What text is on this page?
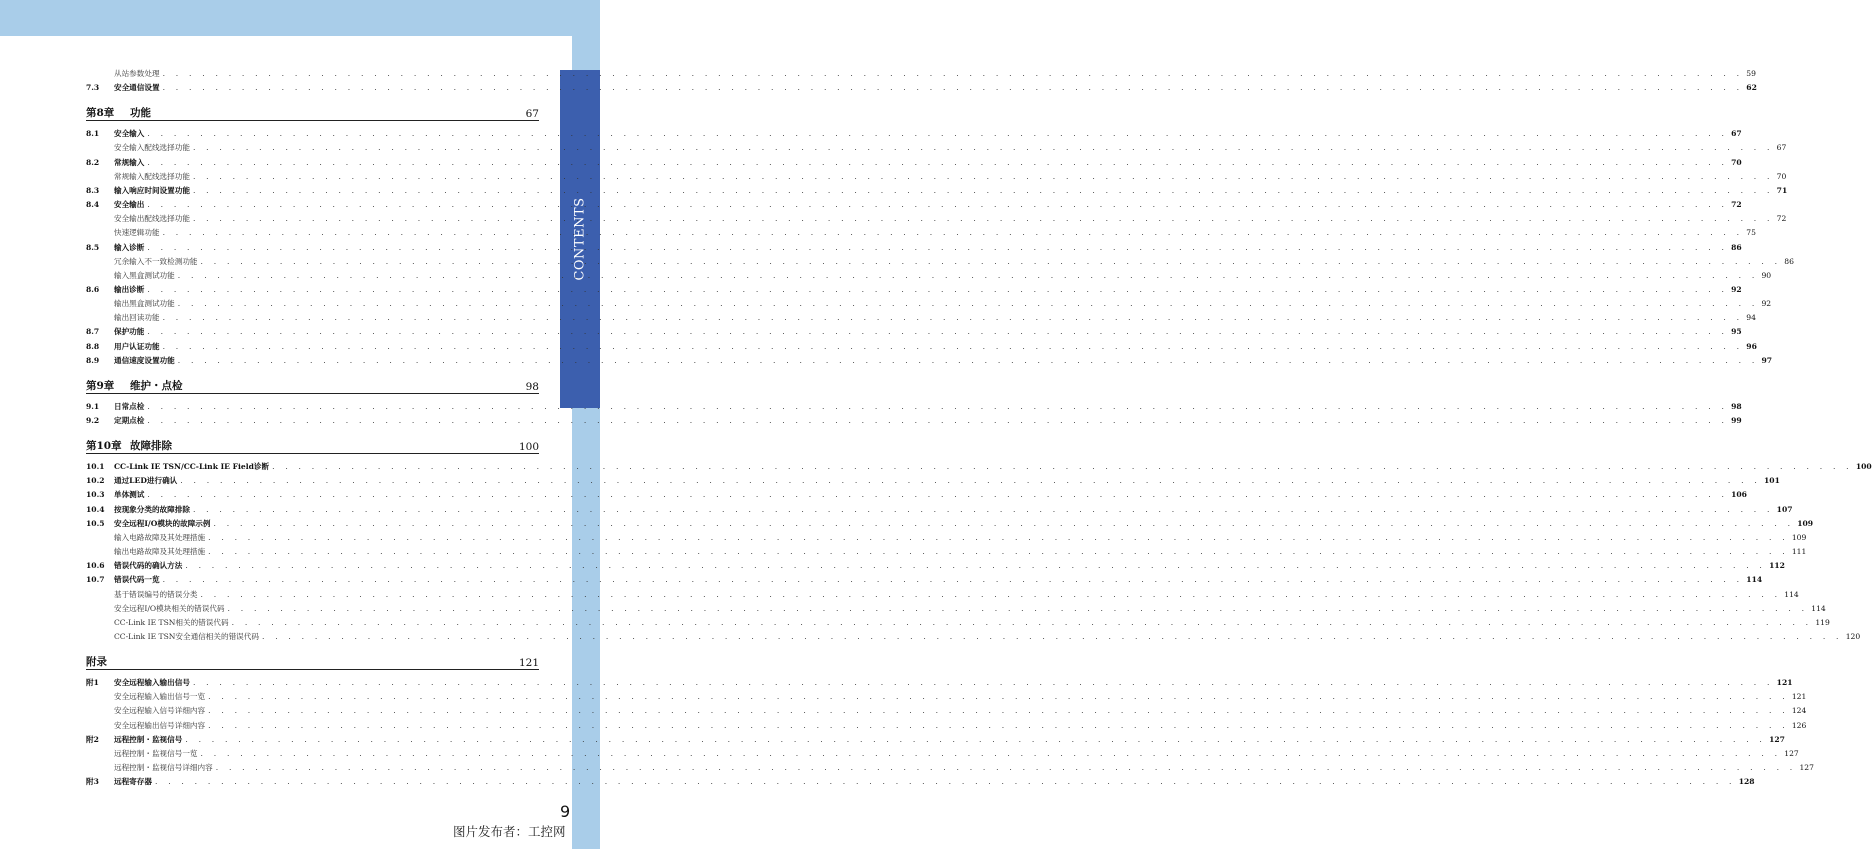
CONTENTS
从站参数处理 . . . . . . . . . . . . . . . . . . . . . . . . . . . . . . . . . . . . . . . . . . . . . . . . . . . . . . . . . . . . . . . . . . . . . . . . . . . . . . . . . . . . . . . . . . . . . . . . . . . . . . . . . . . . . . . . . . . . . . . . 59
7.3	安全通信设置 . . . . . . . . . . . . . . . . . . . . . . . . . . . . . . . . . . . . . . . . . . . . . . . . . . . . . . . . . . . . . . . . . . . . . . . . . . . . . . . . . . . . . . . . . . . . . . . . . . . . . . . . . . . . . . . . . . . . . . . . 62
第8章	功能	67
8.1	安全输入 . . . . . . . . . . . . . . . . . . . . . . . . . . . . . . . . . . . . . . . . . . . . . . . . . . . . . . . . . . . . . . . . . . . . . . . . . . . . . . . . . . . . . . . . . . . . . . . . . . . . . . . . . . . . . . . . . . . . . . . . 67
安全输入配线选择功能 . . . . . . . . . . . . . . . . . . . . . . . . . . . . . . . . . . . . . . . . . . . . . . . . . . . . . . . . . . . . . . . . . . . . . . . . . . . . . . . . . . . . . . . . . . . . . . . . . . . . . . . . . . . . . . . . . . . . . . . . 67
8.2	常规输入 . . . . . . . . . . . . . . . . . . . . . . . . . . . . . . . . . . . . . . . . . . . . . . . . . . . . . . . . . . . . . . . . . . . . . . . . . . . . . . . . . . . . . . . . . . . . . . . . . . . . . . . . . . . . . . . . . . . . . . . . 70
常规输入配线选择功能 . . . . . . . . . . . . . . . . . . . . . . . . . . . . . . . . . . . . . . . . . . . . . . . . . . . . . . . . . . . . . . . . . . . . . . . . . . . . . . . . . . . . . . . . . . . . . . . . . . . . . . . . . . . . . . . . . . . . . . . . 70
8.3	输入响应时间设置功能 . . . . . . . . . . . . . . . . . . . . . . . . . . . . . . . . . . . . . . . . . . . . . . . . . . . . . . . . . . . . . . . . . . . . . . . . . . . . . . . . . . . . . . . . . . . . . . . . . . . . . . . . . . . . . . . . . . . . . . . . 71
8.4	安全输出 . . . . . . . . . . . . . . . . . . . . . . . . . . . . . . . . . . . . . . . . . . . . . . . . . . . . . . . . . . . . . . . . . . . . . . . . . . . . . . . . . . . . . . . . . . . . . . . . . . . . . . . . . . . . . . . . . . . . . . . . 72
安全输出配线选择功能 . . . . . . . . . . . . . . . . . . . . . . . . . . . . . . . . . . . . . . . . . . . . . . . . . . . . . . . . . . . . . . . . . . . . . . . . . . . . . . . . . . . . . . . . . . . . . . . . . . . . . . . . . . . . . . . . . . . . . . . . 72
快速逻辑功能 . . . . . . . . . . . . . . . . . . . . . . . . . . . . . . . . . . . . . . . . . . . . . . . . . . . . . . . . . . . . . . . . . . . . . . . . . . . . . . . . . . . . . . . . . . . . . . . . . . . . . . . . . . . . . . . . . . . . . . . . 75
8.5	输入诊断 . . . . . . . . . . . . . . . . . . . . . . . . . . . . . . . . . . . . . . . . . . . . . . . . . . . . . . . . . . . . . . . . . . . . . . . . . . . . . . . . . . . . . . . . . . . . . . . . . . . . . . . . . . . . . . . . . . . . . . . . 86
冗余输入不一致检测功能 . . . . . . . . . . . . . . . . . . . . . . . . . . . . . . . . . . . . . . . . . . . . . . . . . . . . . . . . . . . . . . . . . . . . . . . . . . . . . . . . . . . . . . . . . . . . . . . . . . . . . . . . . . . . . . . . . . . . . . . . 86
输入黑盒测试功能 . . . . . . . . . . . . . . . . . . . . . . . . . . . . . . . . . . . . . . . . . . . . . . . . . . . . . . . . . . . . . . . . . . . . . . . . . . . . . . . . . . . . . . . . . . . . . . . . . . . . . . . . . . . . . . . . . . . . . . . . 90
8.6	输出诊断 . . . . . . . . . . . . . . . . . . . . . . . . . . . . . . . . . . . . . . . . . . . . . . . . . . . . . . . . . . . . . . . . . . . . . . . . . . . . . . . . . . . . . . . . . . . . . . . . . . . . . . . . . . . . . . . . . . . . . . . . 92
输出黑盒测试功能 . . . . . . . . . . . . . . . . . . . . . . . . . . . . . . . . . . . . . . . . . . . . . . . . . . . . . . . . . . . . . . . . . . . . . . . . . . . . . . . . . . . . . . . . . . . . . . . . . . . . . . . . . . . . . . . . . . . . . . . . 92
输出回读功能 . . . . . . . . . . . . . . . . . . . . . . . . . . . . . . . . . . . . . . . . . . . . . . . . . . . . . . . . . . . . . . . . . . . . . . . . . . . . . . . . . . . . . . . . . . . . . . . . . . . . . . . . . . . . . . . . . . . . . . . . 94
8.7	保护功能 . . . . . . . . . . . . . . . . . . . . . . . . . . . . . . . . . . . . . . . . . . . . . . . . . . . . . . . . . . . . . . . . . . . . . . . . . . . . . . . . . . . . . . . . . . . . . . . . . . . . . . . . . . . . . . . . . . . . . . . . 95
8.8	用户认证功能 . . . . . . . . . . . . . . . . . . . . . . . . . . . . . . . . . . . . . . . . . . . . . . . . . . . . . . . . . . . . . . . . . . . . . . . . . . . . . . . . . . . . . . . . . . . . . . . . . . . . . . . . . . . . . . . . . . . . . . . . 96
8.9	通信速度设置功能 . . . . . . . . . . . . . . . . . . . . . . . . . . . . . . . . . . . . . . . . . . . . . . . . . . . . . . . . . . . . . . . . . . . . . . . . . . . . . . . . . . . . . . . . . . . . . . . . . . . . . . . . . . . . . . . . . . . . . . . . 97
第9章	维护・点检	98
9.1	日常点检 . . . . . . . . . . . . . . . . . . . . . . . . . . . . . . . . . . . . . . . . . . . . . . . . . . . . . . . . . . . . . . . . . . . . . . . . . . . . . . . . . . . . . . . . . . . . . . . . . . . . . . . . . . . . . . . . . . . . . . . . 98
9.2	定期点检 . . . . . . . . . . . . . . . . . . . . . . . . . . . . . . . . . . . . . . . . . . . . . . . . . . . . . . . . . . . . . . . . . . . . . . . . . . . . . . . . . . . . . . . . . . . . . . . . . . . . . . . . . . . . . . . . . . . . . . . . 99
第10章 故障排除	100
10.1	CC-Link IE TSN/CC-Link IE Field诊断 . . . . . . . . . . . . . . . . . . . . . . . . . . . . . . . . . . . . . . . . . . . . . . . . . . . . . . . . . . . . . . . . . . . . . . . . . . . . . . . . . . . . . . . . . . . . . . . . . . . . . . . . . . . . . . . . . . . . . . . . 100
10.2	通过LED进行确认 . . . . . . . . . . . . . . . . . . . . . . . . . . . . . . . . . . . . . . . . . . . . . . . . . . . . . . . . . . . . . . . . . . . . . . . . . . . . . . . . . . . . . . . . . . . . . . . . . . . . . . . . . . . . . . . . . . . . . . . . 101
10.3	单体测试 . . . . . . . . . . . . . . . . . . . . . . . . . . . . . . . . . . . . . . . . . . . . . . . . . . . . . . . . . . . . . . . . . . . . . . . . . . . . . . . . . . . . . . . . . . . . . . . . . . . . . . . . . . . . . . . . . . . . . . . . 106
10.4	按现象分类的故障排除 . . . . . . . . . . . . . . . . . . . . . . . . . . . . . . . . . . . . . . . . . . . . . . . . . . . . . . . . . . . . . . . . . . . . . . . . . . . . . . . . . . . . . . . . . . . . . . . . . . . . . . . . . . . . . . . . . . . . . . . . 107
10.5	安全远程I/O模块的故障示例 . . . . . . . . . . . . . . . . . . . . . . . . . . . . . . . . . . . . . . . . . . . . . . . . . . . . . . . . . . . . . . . . . . . . . . . . . . . . . . . . . . . . . . . . . . . . . . . . . . . . . . . . . . . . . . . . . . . . . . . . 109
输入电路故障及其处理措施 . . . . . . . . . . . . . . . . . . . . . . . . . . . . . . . . . . . . . . . . . . . . . . . . . . . . . . . . . . . . . . . . . . . . . . . . . . . . . . . . . . . . . . . . . . . . . . . . . . . . . . . . . . . . . . . . . . . . . . . . 109
输出电路故障及其处理措施 . . . . . . . . . . . . . . . . . . . . . . . . . . . . . . . . . . . . . . . . . . . . . . . . . . . . . . . . . . . . . . . . . . . . . . . . . . . . . . . . . . . . . . . . . . . . . . . . . . . . . . . . . . . . . . . . . . . . . . . . 111
10.6	错误代码的确认方法 . . . . . . . . . . . . . . . . . . . . . . . . . . . . . . . . . . . . . . . . . . . . . . . . . . . . . . . . . . . . . . . . . . . . . . . . . . . . . . . . . . . . . . . . . . . . . . . . . . . . . . . . . . . . . . . . . . . . . . . . 112
10.7	错误代码一览 . . . . . . . . . . . . . . . . . . . . . . . . . . . . . . . . . . . . . . . . . . . . . . . . . . . . . . . . . . . . . . . . . . . . . . . . . . . . . . . . . . . . . . . . . . . . . . . . . . . . . . . . . . . . . . . . . . . . . . . . 114
基于错误编号的错误分类 . . . . . . . . . . . . . . . . . . . . . . . . . . . . . . . . . . . . . . . . . . . . . . . . . . . . . . . . . . . . . . . . . . . . . . . . . . . . . . . . . . . . . . . . . . . . . . . . . . . . . . . . . . . . . . . . . . . . . . . . 114
安全远程I/O模块相关的错误代码 . . . . . . . . . . . . . . . . . . . . . . . . . . . . . . . . . . . . . . . . . . . . . . . . . . . . . . . . . . . . . . . . . . . . . . . . . . . . . . . . . . . . . . . . . . . . . . . . . . . . . . . . . . . . . . . . . . . . . . . . 114
CC-Link IE TSN相关的错误代码 . . . . . . . . . . . . . . . . . . . . . . . . . . . . . . . . . . . . . . . . . . . . . . . . . . . . . . . . . . . . . . . . . . . . . . . . . . . . . . . . . . . . . . . . . . . . . . . . . . . . . . . . . . . . . . . . . . . . . . . . 119
CC-Link IE TSN安全通信相关的错误代码 . . . . . . . . . . . . . . . . . . . . . . . . . . . . . . . . . . . . . . . . . . . . . . . . . . . . . . . . . . . . . . . . . . . . . . . . . . . . . . . . . . . . . . . . . . . . . . . . . . . . . . . . . . . . . . . . . . . . . . . . 120
附录	121
附1	安全远程输入输出信号 . . . . . . . . . . . . . . . . . . . . . . . . . . . . . . . . . . . . . . . . . . . . . . . . . . . . . . . . . . . . . . . . . . . . . . . . . . . . . . . . . . . . . . . . . . . . . . . . . . . . . . . . . . . . . . . . . . . . . . . . 121
安全远程输入输出信号一览 . . . . . . . . . . . . . . . . . . . . . . . . . . . . . . . . . . . . . . . . . . . . . . . . . . . . . . . . . . . . . . . . . . . . . . . . . . . . . . . . . . . . . . . . . . . . . . . . . . . . . . . . . . . . . . . . . . . . . . . . 121
安全远程输入信号详细内容 . . . . . . . . . . . . . . . . . . . . . . . . . . . . . . . . . . . . . . . . . . . . . . . . . . . . . . . . . . . . . . . . . . . . . . . . . . . . . . . . . . . . . . . . . . . . . . . . . . . . . . . . . . . . . . . . . . . . . . . . 124
安全远程输出信号详细内容 . . . . . . . . . . . . . . . . . . . . . . . . . . . . . . . . . . . . . . . . . . . . . . . . . . . . . . . . . . . . . . . . . . . . . . . . . . . . . . . . . . . . . . . . . . . . . . . . . . . . . . . . . . . . . . . . . . . . . . . . 126
附2	远程控制・监视信号 . . . . . . . . . . . . . . . . . . . . . . . . . . . . . . . . . . . . . . . . . . . . . . . . . . . . . . . . . . . . . . . . . . . . . . . . . . . . . . . . . . . . . . . . . . . . . . . . . . . . . . . . . . . . . . . . . . . . . . . . 127
远程控制・监视信号一览 . . . . . . . . . . . . . . . . . . . . . . . . . . . . . . . . . . . . . . . . . . . . . . . . . . . . . . . . . . . . . . . . . . . . . . . . . . . . . . . . . . . . . . . . . . . . . . . . . . . . . . . . . . . . . . . . . . . . . . . . 127
远程控制・监视信号详细内容 . . . . . . . . . . . . . . . . . . . . . . . . . . . . . . . . . . . . . . . . . . . . . . . . . . . . . . . . . . . . . . . . . . . . . . . . . . . . . . . . . . . . . . . . . . . . . . . . . . . . . . . . . . . . . . . . . . . . . . . . 127
附3	远程寄存器 . . . . . . . . . . . . . . . . . . . . . . . . . . . . . . . . . . . . . . . . . . . . . . . . . . . . . . . . . . . . . . . . . . . . . . . . . . . . . . . . . . . . . . . . . . . . . . . . . . . . . . . . . . . . . . . . . . . . . . . . 128
9
图片发布者：工控网
